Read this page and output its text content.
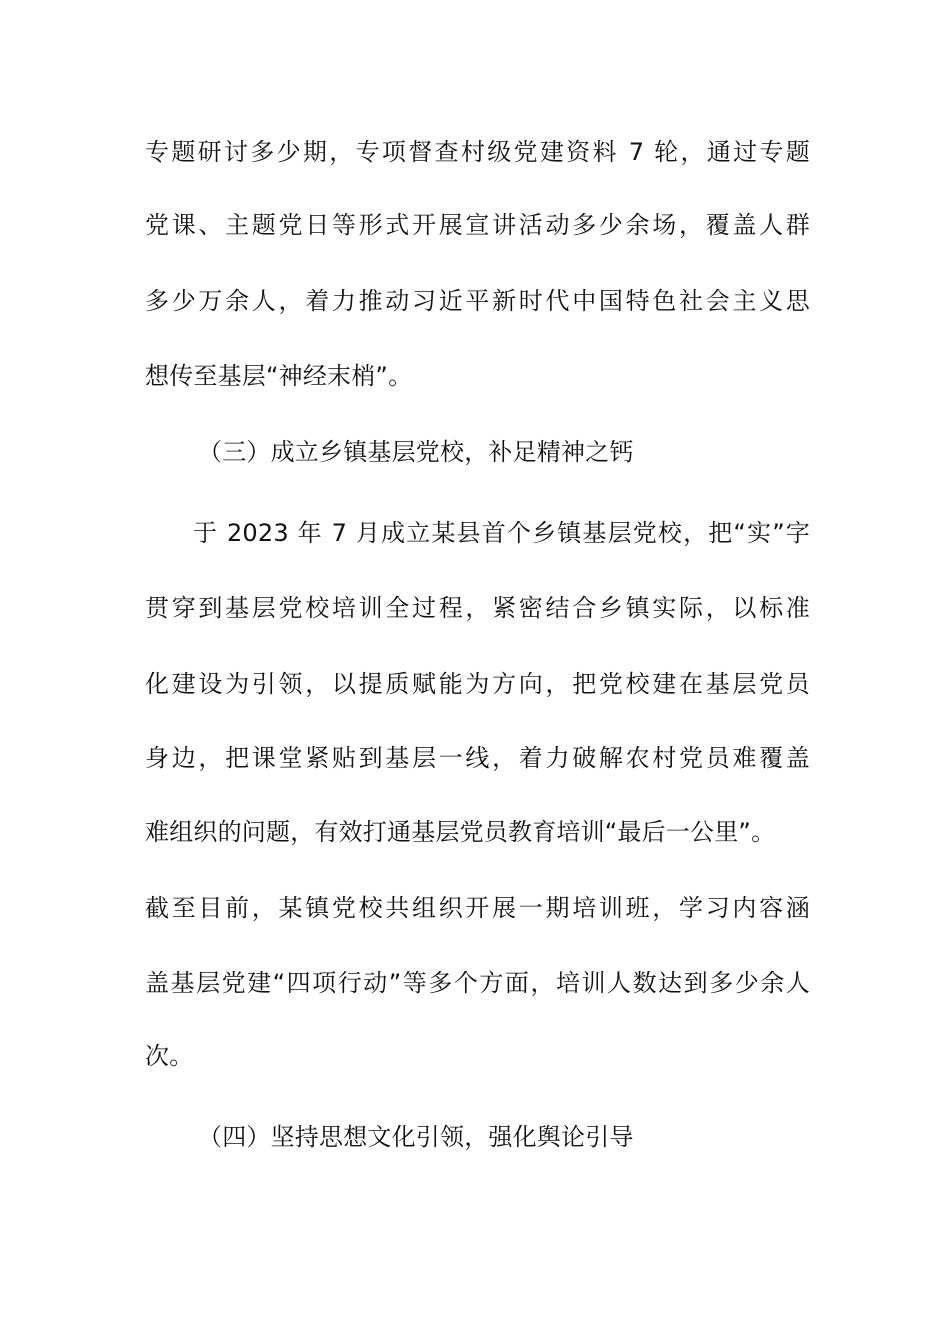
专题研讨多少期，专项督查村级党建资料 7 轮，通过专题
党课、主题党日等形式开展宣讲活动多少余场，覆盖人群
多少万余人，着力推动习近平新时代中国特色社会主义思
想传至基层“神经末梢”。
（三）成立乡镇基层党校，补足精神之钙
于 2023 年 7 月成立某县首个乡镇基层党校，把“实”字
贯穿到基层党校培训全过程，紧密结合乡镇实际，以标准
化建设为引领，以提质赋能为方向，把党校建在基层党员
身边，把课堂紧贴到基层一线，着力破解农村党员难覆盖
难组织的问题，有效打通基层党员教育培训“最后一公里”。
截至目前，某镇党校共组织开展一期培训班，学习内容涵
盖基层党建“四项行动”等多个方面，培训人数达到多少余人
次。
（四）坚持思想文化引领，强化舆论引导
